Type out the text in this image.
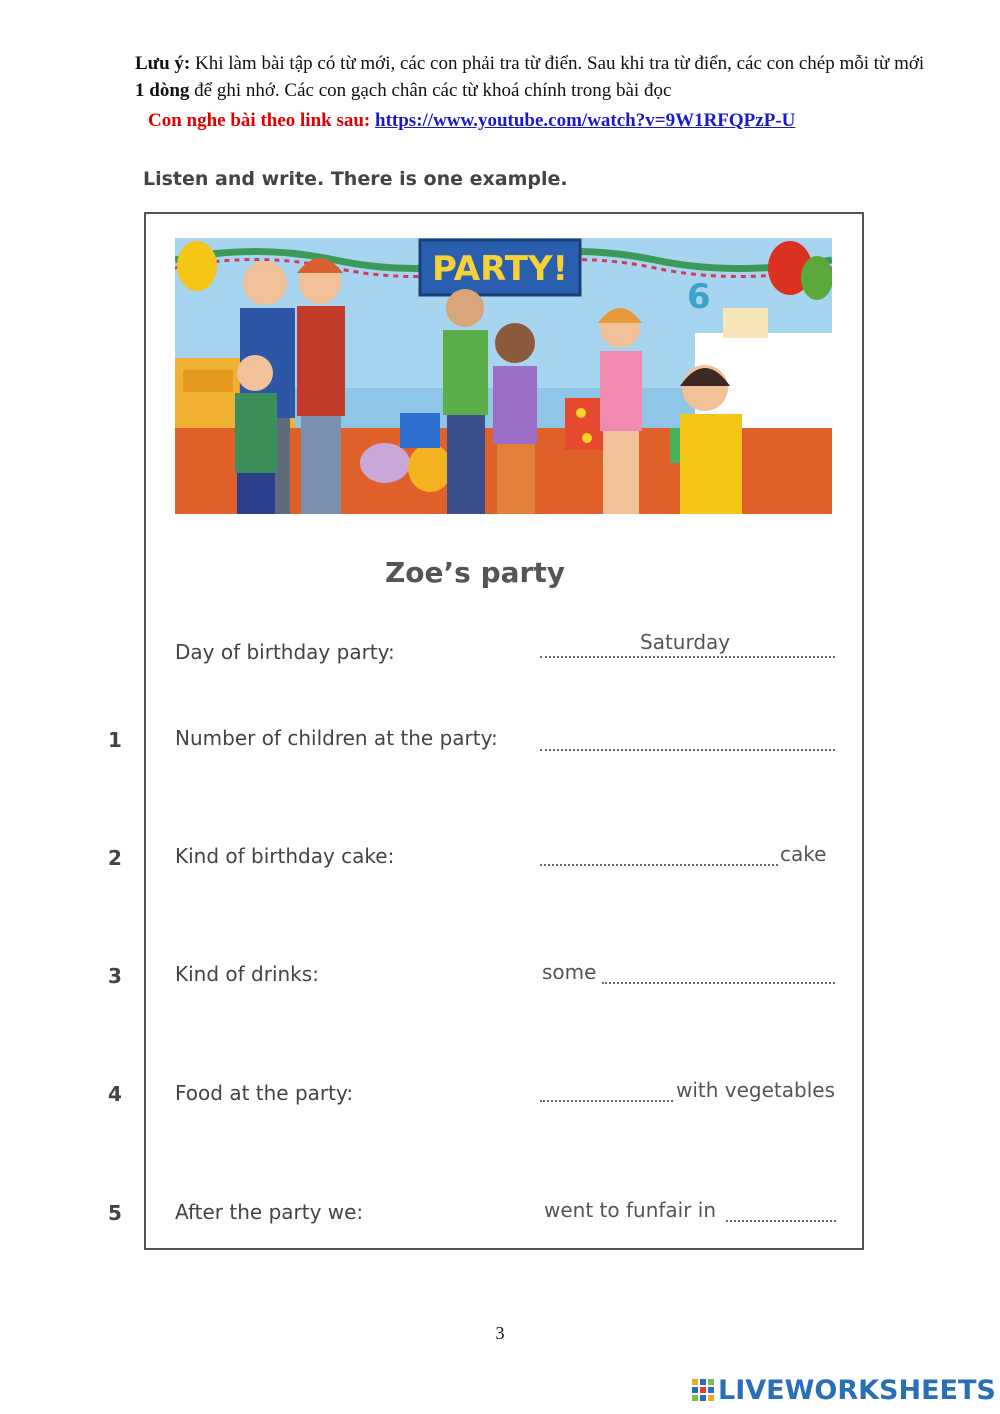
Lưu ý: Khi làm bài tập có từ mới, các con phải tra từ điển. Sau khi tra từ điển, các con chép mỗi từ mới 1 dòng để ghi nhớ. Các con gạch chân các từ khoá chính trong bài đọc
Con nghe bài theo link sau: https://www.youtube.com/watch?v=9W1RFQPzP-U
Listen and write. There is one example.
PARTY!
6
Zoe’s party
Day of birthday party:	Saturday
1	Number of children at the party:
2	Kind of birthday cake:	cake
3	Kind of drinks:	some
4	Food at the party:	with vegetables
5	After the party we:	went to funfair in
3
LIVEWORKSHEETS
